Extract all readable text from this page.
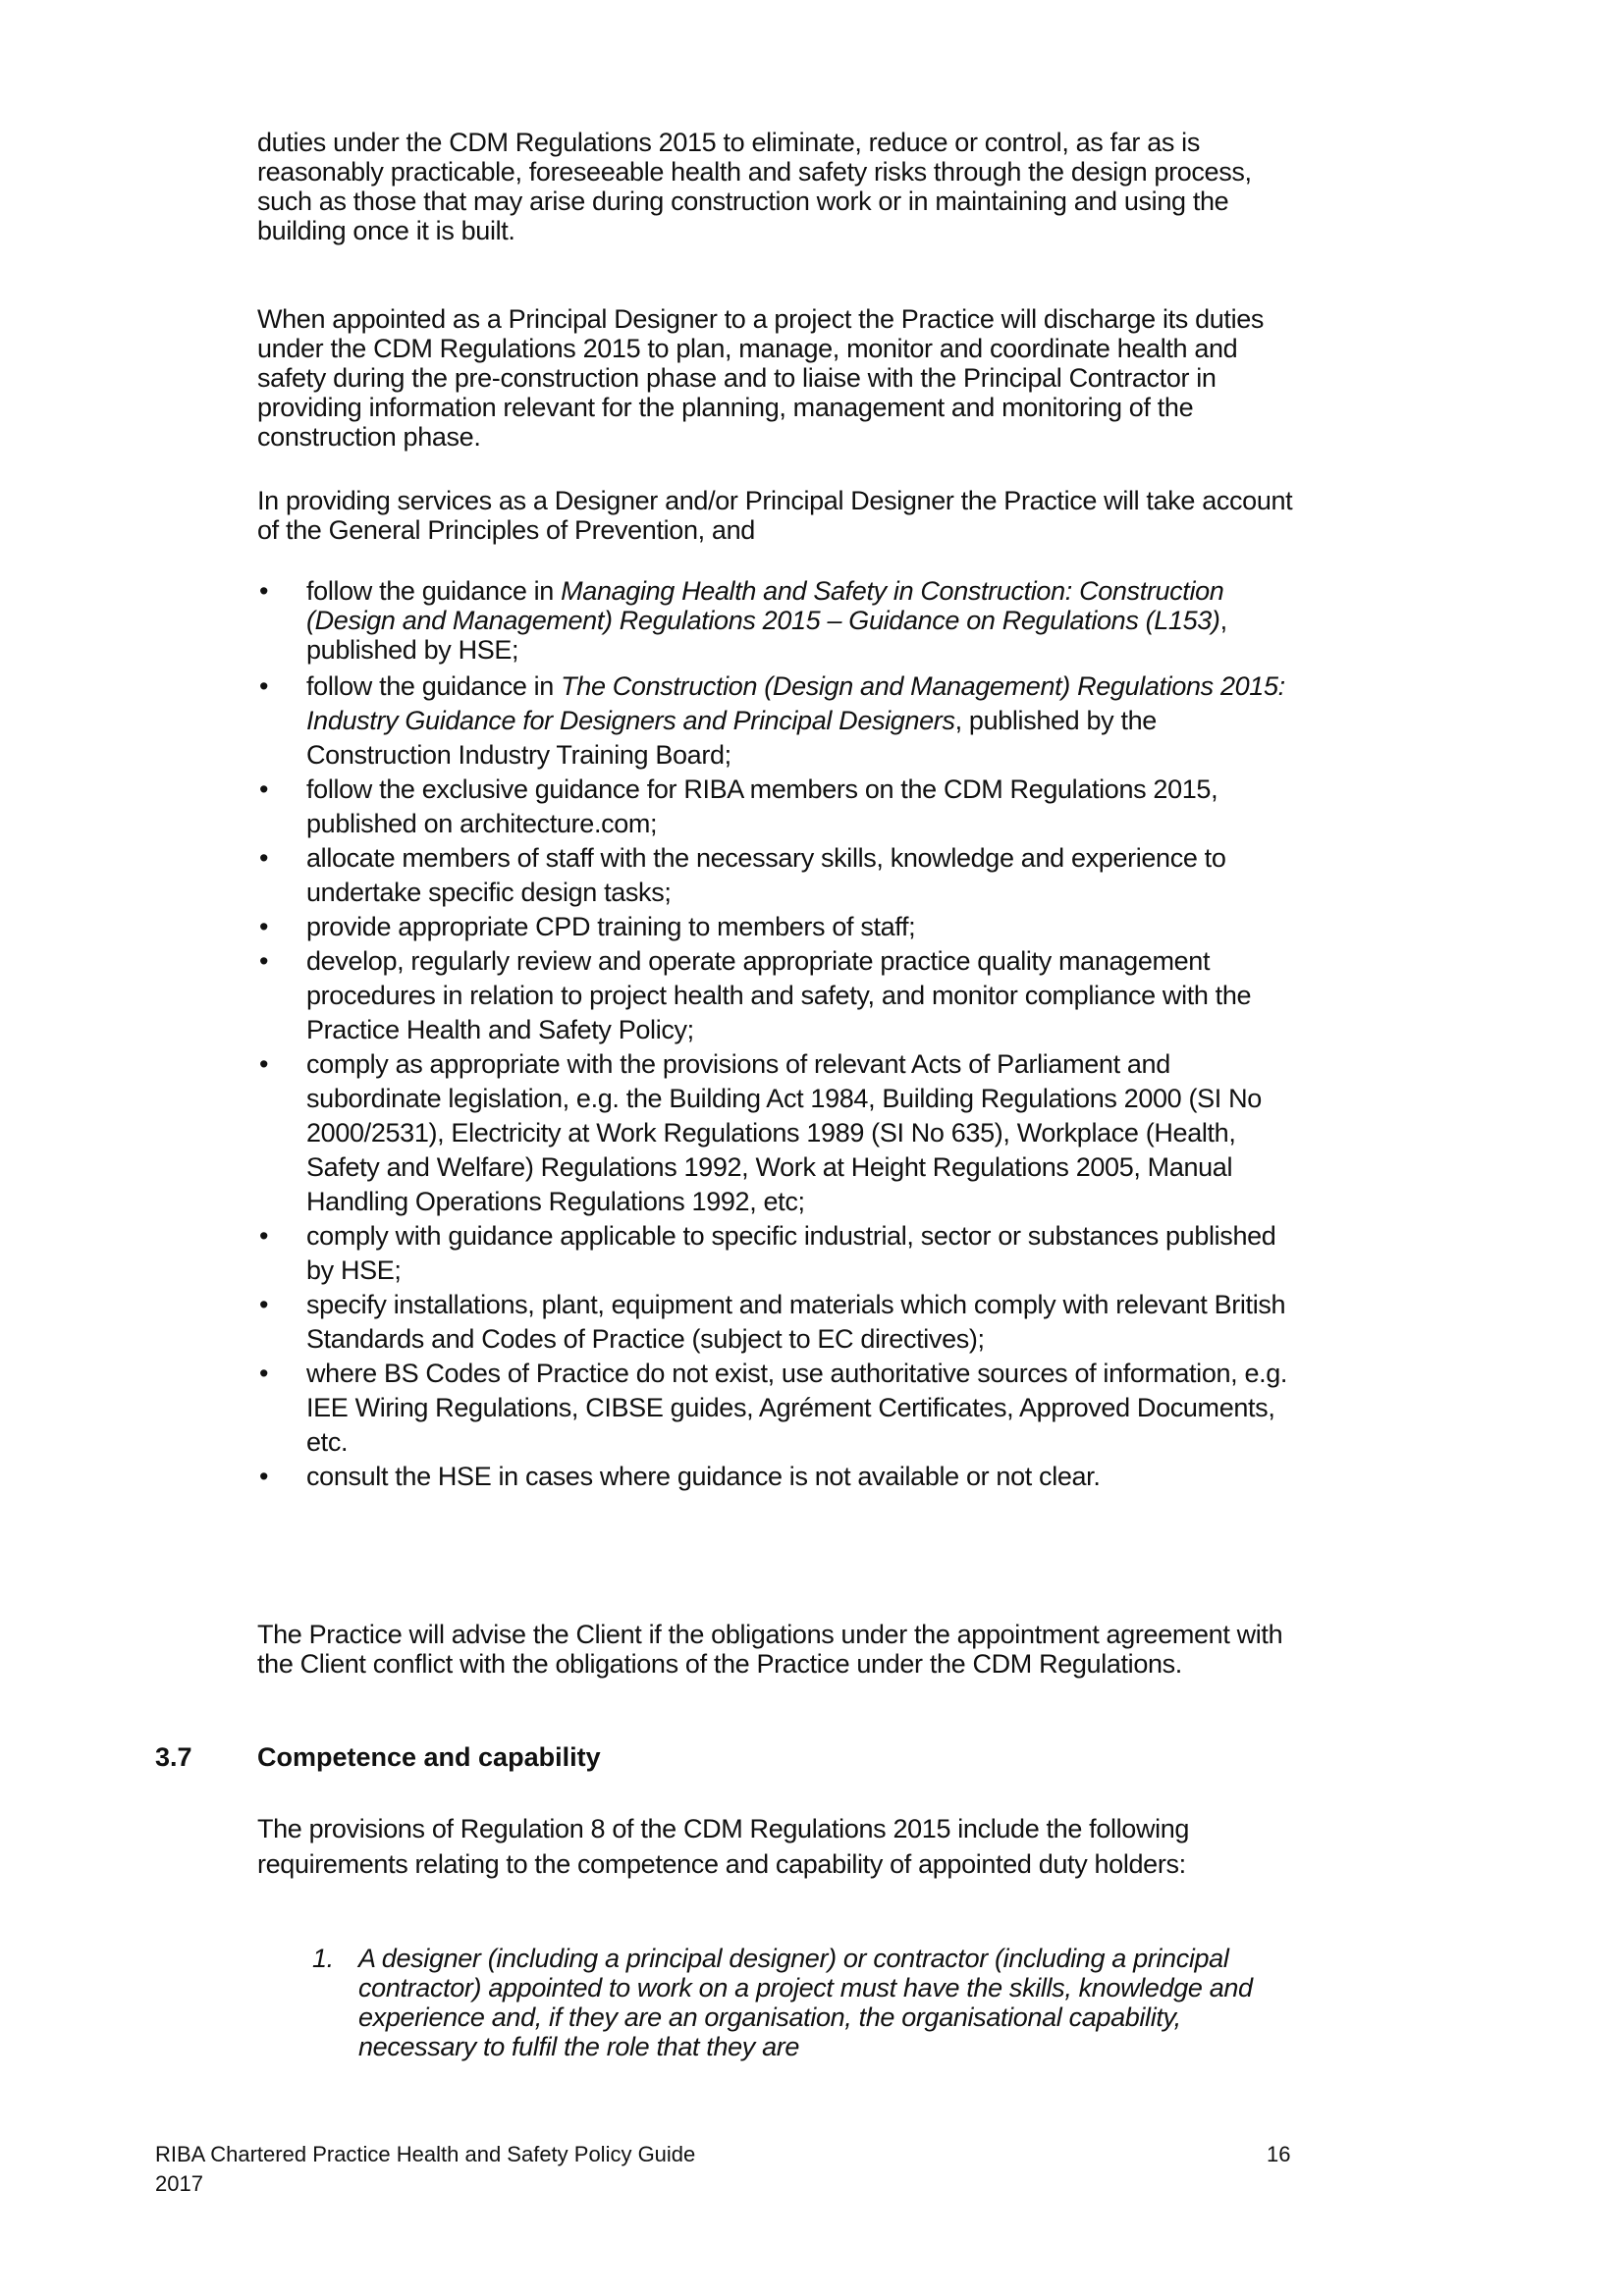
duties under the CDM Regulations 2015 to eliminate, reduce or control, as far as is reasonably practicable, foreseeable health and safety risks through the design process, such as those that may arise during construction work or in maintaining and using the building once it is built.

When appointed as a Principal Designer to a project the Practice will discharge its duties under the CDM Regulations 2015 to plan, manage, monitor and coordinate health and safety during the pre-construction phase and to liaise with the Principal Contractor in providing information relevant for the planning, management and monitoring of the construction phase.

In providing services as a Designer and/or Principal Designer the Practice will take account of the General Principles of Prevention, and

• follow the guidance in Managing Health and Safety in Construction: Construction (Design and Management) Regulations 2015 – Guidance on Regulations (L153), published by HSE;
• follow the guidance in The Construction (Design and Management) Regulations 2015: Industry Guidance for Designers and Principal Designers, published by the Construction Industry Training Board;
• follow the exclusive guidance for RIBA members on the CDM Regulations 2015, published on architecture.com;
• allocate members of staff with the necessary skills, knowledge and experience to undertake specific design tasks;
• provide appropriate CPD training to members of staff;
• develop, regularly review and operate appropriate practice quality management procedures in relation to project health and safety, and monitor compliance with the Practice Health and Safety Policy;
• comply as appropriate with the provisions of relevant Acts of Parliament and subordinate legislation, e.g. the Building Act 1984, Building Regulations 2000 (SI No 2000/2531), Electricity at Work Regulations 1989 (SI No 635), Workplace (Health, Safety and Welfare) Regulations 1992, Work at Height Regulations 2005, Manual Handling Operations Regulations 1992, etc;
• comply with guidance applicable to specific industrial, sector or substances published by HSE;
• specify installations, plant, equipment and materials which comply with relevant British Standards and Codes of Practice (subject to EC directives);
• where BS Codes of Practice do not exist, use authoritative sources of information, e.g. IEE Wiring Regulations, CIBSE guides, Agrément Certificates, Approved Documents, etc.
• consult the HSE in cases where guidance is not available or not clear.

The Practice will advise the Client if the obligations under the appointment agreement with the Client conflict with the obligations of the Practice under the CDM Regulations.

3.7 Competence and capability

The provisions of Regulation 8 of the CDM Regulations 2015 include the following requirements relating to the competence and capability of appointed duty holders:

1. A designer (including a principal designer) or contractor (including a principal contractor) appointed to work on a project must have the skills, knowledge and experience and, if they are an organisation, the organisational capability, necessary to fulfil the role that they are
RIBA Chartered Practice Health and Safety Policy Guide
2017
16
